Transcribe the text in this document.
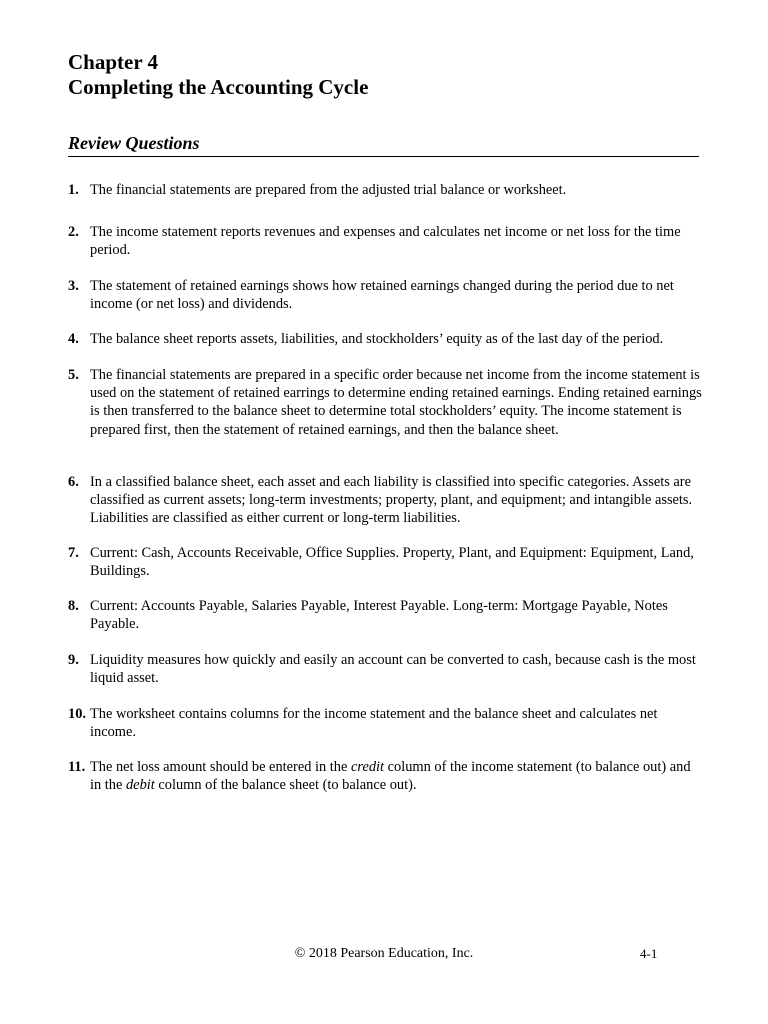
Chapter 4
Completing the Accounting Cycle
Review Questions
1. The financial statements are prepared from the adjusted trial balance or worksheet.
2. The income statement reports revenues and expenses and calculates net income or net loss for the time period.
3. The statement of retained earnings shows how retained earnings changed during the period due to net income (or net loss) and dividends.
4. The balance sheet reports assets, liabilities, and stockholders’ equity as of the last day of the period.
5. The financial statements are prepared in a specific order because net income from the income statement is used on the statement of retained earrings to determine ending retained earnings. Ending retained earnings is then transferred to the balance sheet to determine total stockholders’ equity. The income statement is prepared first, then the statement of retained earnings, and then the balance sheet.
6. In a classified balance sheet, each asset and each liability is classified into specific categories. Assets are classified as current assets; long-term investments; property, plant, and equipment; and intangible assets. Liabilities are classified as either current or long-term liabilities.
7. Current: Cash, Accounts Receivable, Office Supplies. Property, Plant, and Equipment: Equipment, Land, Buildings.
8. Current: Accounts Payable, Salaries Payable, Interest Payable. Long-term: Mortgage Payable, Notes Payable.
9. Liquidity measures how quickly and easily an account can be converted to cash, because cash is the most liquid asset.
10. The worksheet contains columns for the income statement and the balance sheet and calculates net income.
11. The net loss amount should be entered in the credit column of the income statement (to balance out) and in the debit column of the balance sheet (to balance out).
© 2018 Pearson Education, Inc.	4-1
